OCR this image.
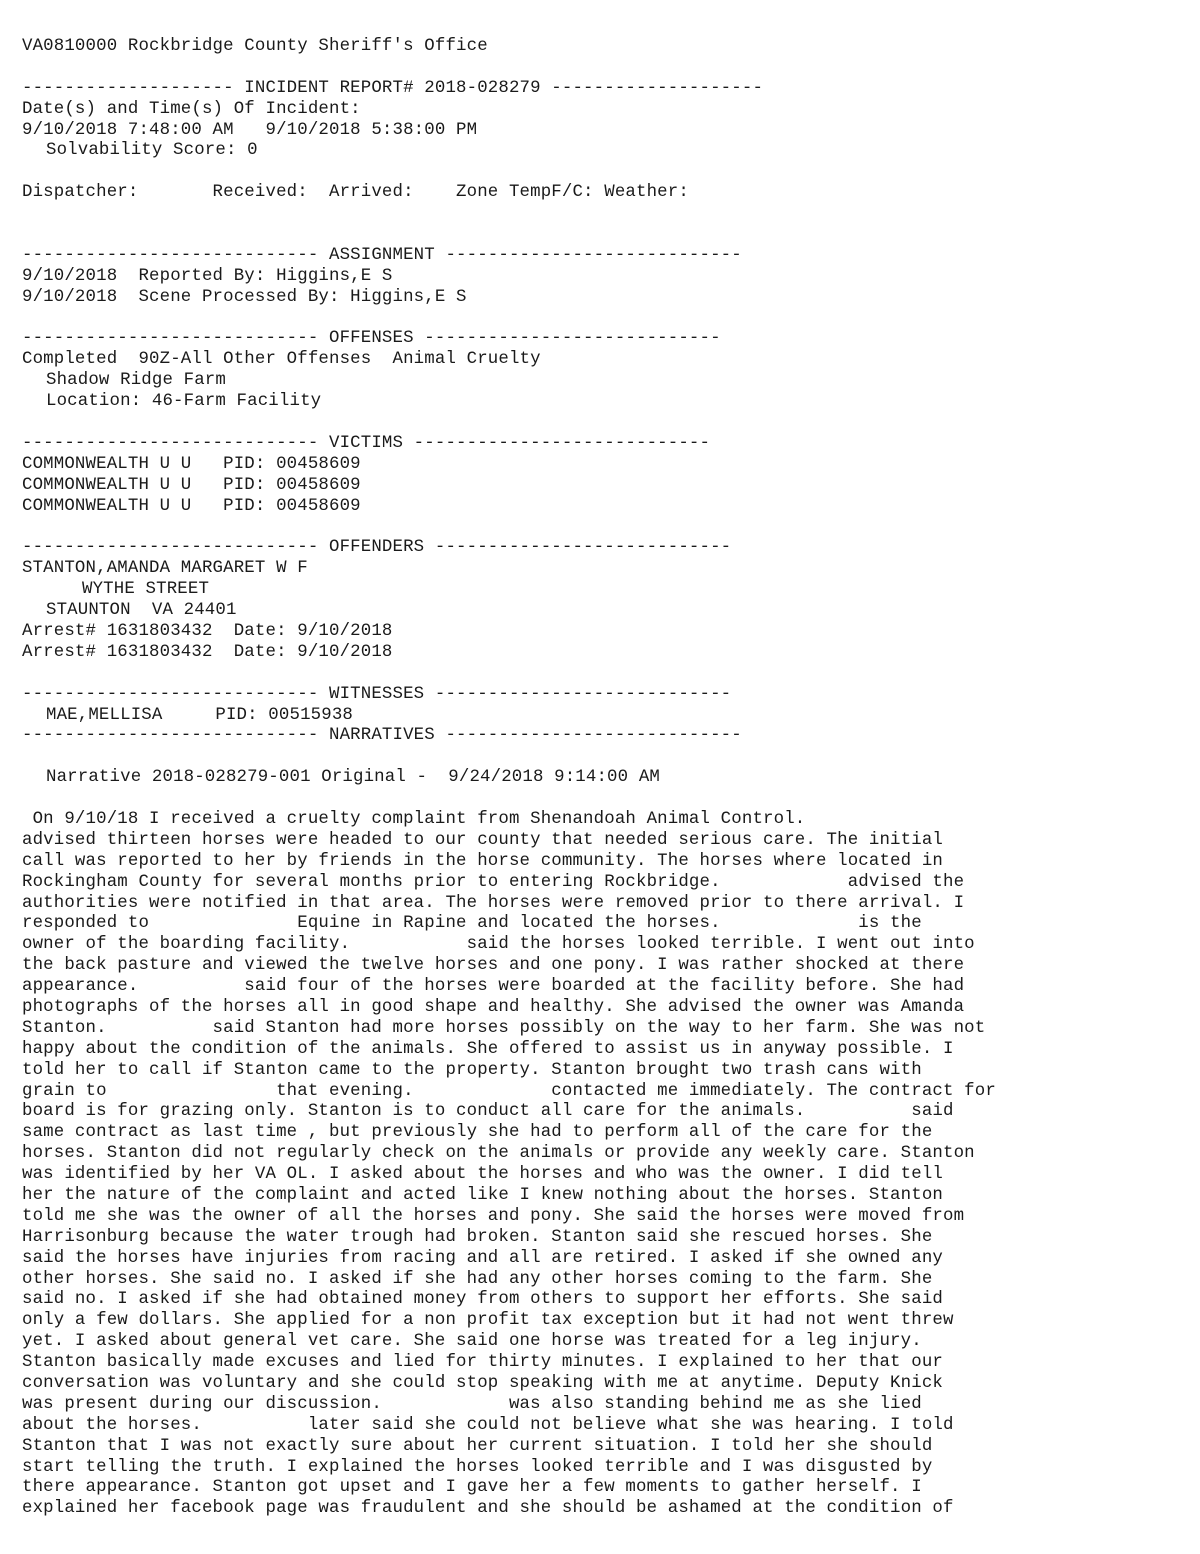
VA0810000 Rockbridge County Sheriff's Office
-------------------- INCIDENT REPORT# 2018-028279 --------------------
Date(s) and Time(s) Of Incident:
9/10/2018 7:48:00 AM   9/10/2018 5:38:00 PM
Solvability Score: 0
Dispatcher:       Received:  Arrived:    Zone TempF/C: Weather:
---------------------------- ASSIGNMENT ----------------------------
9/10/2018  Reported By: Higgins,E S
9/10/2018  Scene Processed By: Higgins,E S
---------------------------- OFFENSES ----------------------------
Completed  90Z-All Other Offenses  Animal Cruelty
Shadow Ridge Farm
Location: 46-Farm Facility
---------------------------- VICTIMS ----------------------------
COMMONWEALTH U U   PID: 00458609
COMMONWEALTH U U   PID: 00458609
COMMONWEALTH U U   PID: 00458609
---------------------------- OFFENDERS ----------------------------
STANTON,AMANDA MARGARET W F
WYTHE STREET
STAUNTON  VA 24401
Arrest# 1631803432  Date: 9/10/2018
Arrest# 1631803432  Date: 9/10/2018
---------------------------- WITNESSES ----------------------------
MAE,MELLISA     PID: 00515938
---------------------------- NARRATIVES ----------------------------
Narrative 2018-028279-001 Original -  9/24/2018 9:14:00 AM
On 9/10/18 I received a cruelty complaint from Shenandoah Animal Control.
advised thirteen horses were headed to our county that needed serious care. The initial
call was reported to her by friends in the horse community. The horses where located in
Rockingham County for several months prior to entering Rockbridge.            advised the
authorities were notified in that area. The horses were removed prior to there arrival. I
responded to              Equine in Rapine and located the horses.             is the
owner of the boarding facility.           said the horses looked terrible. I went out into
the back pasture and viewed the twelve horses and one pony. I was rather shocked at there
appearance.          said four of the horses were boarded at the facility before. She had
photographs of the horses all in good shape and healthy. She advised the owner was Amanda
Stanton.          said Stanton had more horses possibly on the way to her farm. She was not
happy about the condition of the animals. She offered to assist us in anyway possible. I
told her to call if Stanton came to the property. Stanton brought two trash cans with
grain to                that evening.             contacted me immediately. The contract for
board is for grazing only. Stanton is to conduct all care for the animals.          said
same contract as last time , but previously she had to perform all of the care for the
horses. Stanton did not regularly check on the animals or provide any weekly care. Stanton
was identified by her VA OL. I asked about the horses and who was the owner. I did tell
her the nature of the complaint and acted like I knew nothing about the horses. Stanton
told me she was the owner of all the horses and pony. She said the horses were moved from
Harrisonburg because the water trough had broken. Stanton said she rescued horses. She
said the horses have injuries from racing and all are retired. I asked if she owned any
other horses. She said no. I asked if she had any other horses coming to the farm. She
said no. I asked if she had obtained money from others to support her efforts. She said
only a few dollars. She applied for a non profit tax exception but it had not went threw
yet. I asked about general vet care. She said one horse was treated for a leg injury.
Stanton basically made excuses and lied for thirty minutes. I explained to her that our
conversation was voluntary and she could stop speaking with me at anytime. Deputy Knick
was present during our discussion.            was also standing behind me as she lied
about the horses.          later said she could not believe what she was hearing. I told
Stanton that I was not exactly sure about her current situation. I told her she should
start telling the truth. I explained the horses looked terrible and I was disgusted by
there appearance. Stanton got upset and I gave her a few moments to gather herself. I
explained her facebook page was fraudulent and she should be ashamed at the condition of
